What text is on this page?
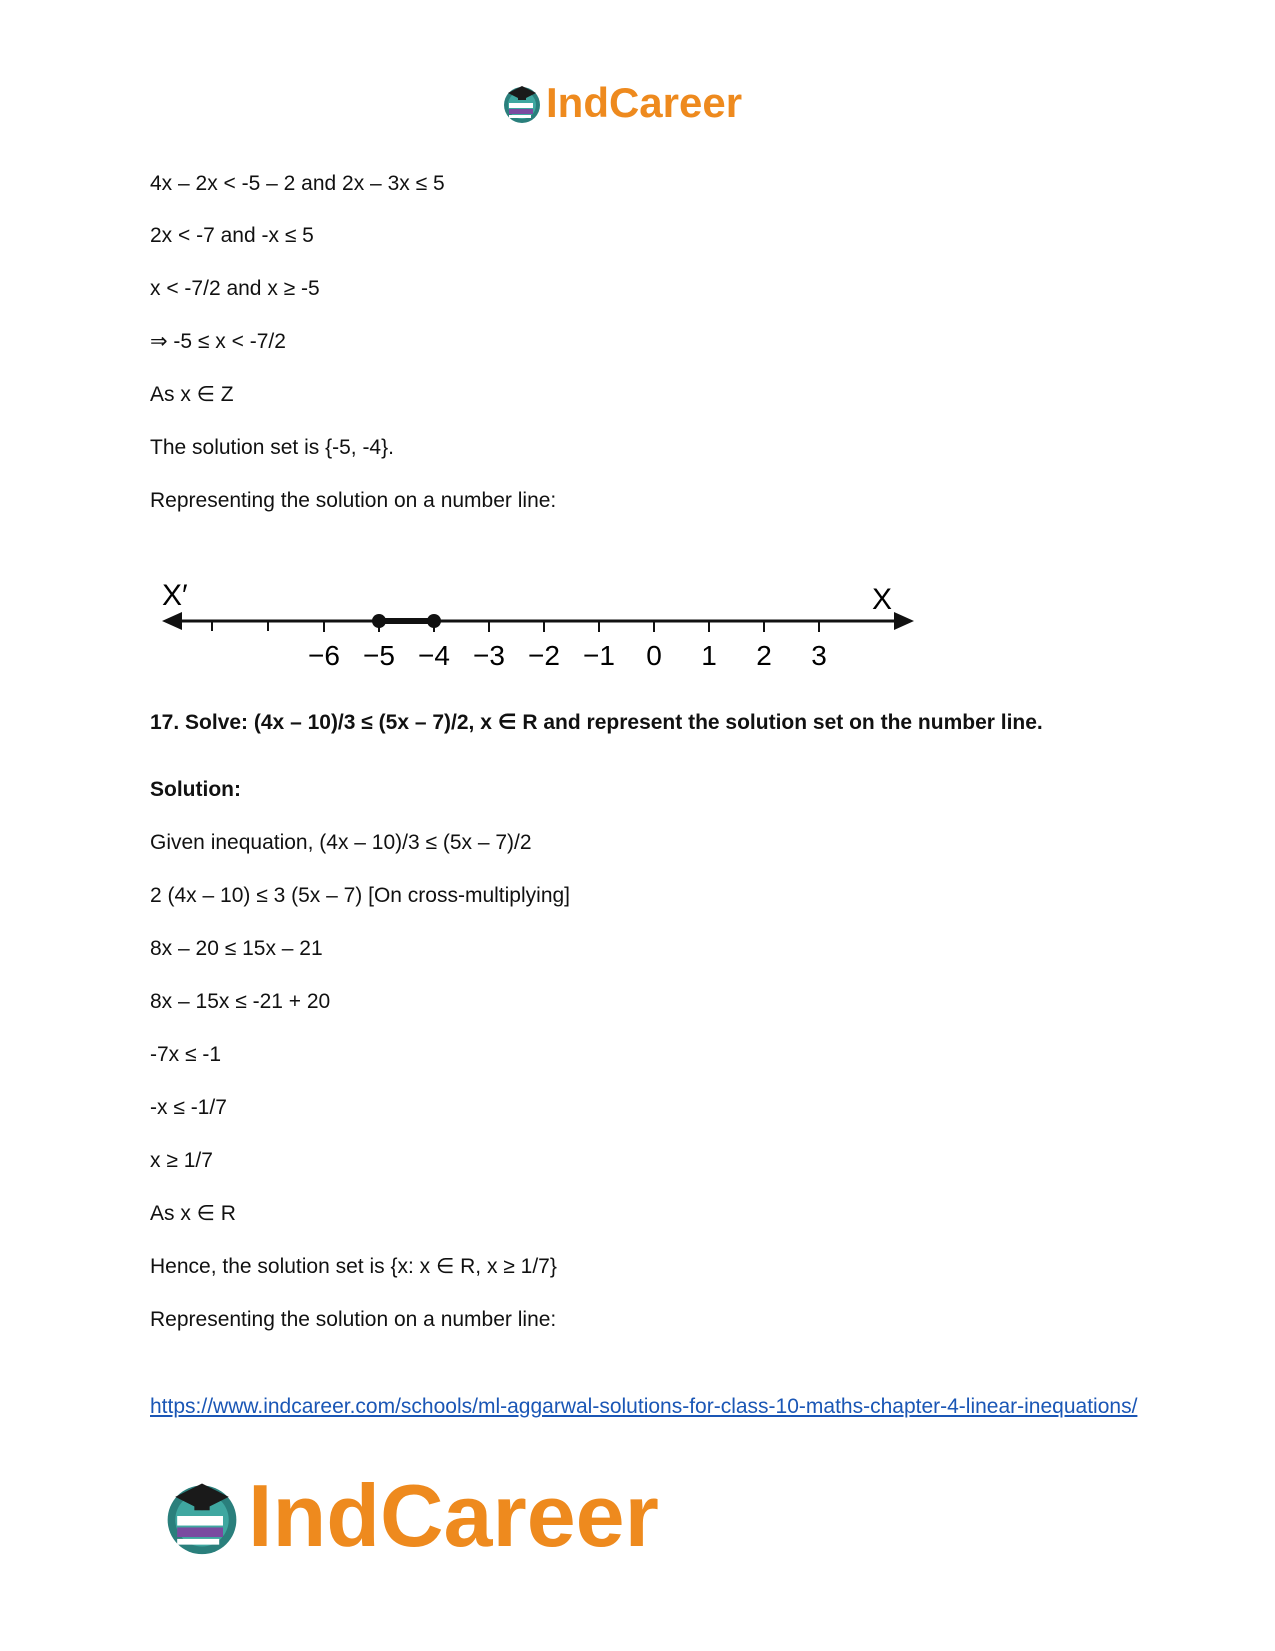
IndCareer
4x – 2x < -5 – 2 and 2x – 3x ≤ 5
2x < -7 and -x ≤ 5
x < -7/2 and x ≥ -5
⇒ -5 ≤ x < -7/2
As x ∈ Z
The solution set is {-5, -4}.
Representing the solution on a number line:
17. Solve: (4x – 10)/3 ≤ (5x – 7)/2, x ∈ R and represent the solution set on the number line.
Solution:
Given inequation, (4x – 10)/3 ≤ (5x – 7)/2
2 (4x – 10) ≤ 3 (5x – 7) [On cross-multiplying]
8x – 20 ≤ 15x – 21
8x – 15x ≤ -21 + 20
-7x ≤ -1
-x ≤ -1/7
x ≥ 1/7
As x ∈ R
Hence, the solution set is {x: x ∈ R, x ≥ 1/7}
Representing the solution on a number line:
https://www.indcareer.com/schools/ml-aggarwal-solutions-for-class-10-maths-chapter-4-linear-inequations/
X′	X
−6 −5 −4 −3 −2 −1 0 1 2 3
IndCareer
